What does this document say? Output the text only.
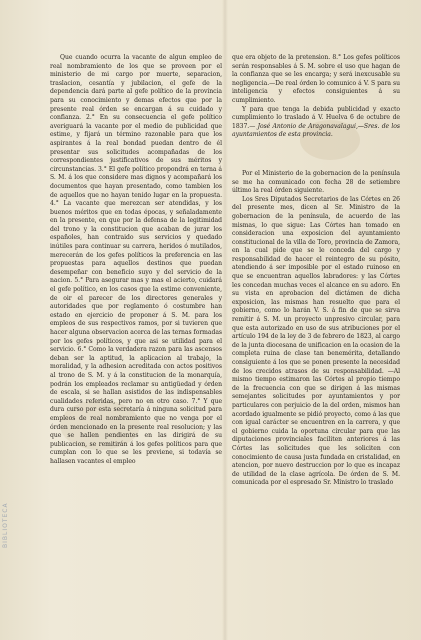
BIBLIOTECA

Que cuando ocurra la vacante de algun empleo de real nombramiento de los que se proveen por el ministerio de mi cargo por muerte, separacion, traslacion, cesantía y jubilacion, el gefe de la dependencia dará parte al gefe político de la provincia para su conocimiento y demas efectos que por la presente real órden se encargan á su cuidado y confianza. 2.° En su consecuencia el gefe político averiguará la vacante por el medio de publicidad que estime, y fijará un término razonable para que los aspirantes á la real bondad puedan dentro de él presentar sus solicitudes acompañadas de los correspondientes justificativos de sus méritos y circunstancias. 3.° El gefe político propondrá en terna á S. M. á los que considere mas dignos y acompañará los documentos que hayan presentado, como tambien los de aquellos que no hayan tenido lugar en la propuesta. 4.° La vacante que merezcan ser atendidas, y los buenos méritos que en todas épocas, y señaladamente en la presente, en que por la defensa de la legitimidad del trono y la constitucion que acaban de jurar los españoles, han contraido sus servicios y quedado inútiles para continuar su carrera, heridos ó mutilados, merecerán de los gefes políticos la preferencia en las propuestas para aquellos destinos que puedan desempeñar con beneficio suyo y del servicio de la nacion. 5.° Para asegurar mas y mas el acierto, cuidará el gefe político, en los casos que la estime conveniente, de oir el parecer de los directores generales y autoridades que por reglamento ó costumbre han estado en ejercicio de proponer á S. M. para los empleos de sus respectivos ramos, por si tuvieren que hacer alguna observacion acerca de las ternas formadas por los gefes políticos, y que asi se utilidad para el servicio. 6.° Como la verdadera razon para las ascensos deban ser la aptitud, la aplicacion al trabajo, la moralidad, y la adhesion acreditada con actos positivos al trono de S. M. y á la constitucion de la monarquía, podrán los empleados reclamar su antigüedad y órden de escala, si se hallan asistidos de las indispensables cualidades referidas, pero no en otro caso. 7.° Y que dura curso por esta secretaría á ninguna solicitud para empleos de real nombramiento que no venga por el órden mencionado en la presente real resolucion; y las que se hallen pendientes en las dirigirá de su publicacion, se remitirán á los gefes políticos para que cumplan con lo que se les previene, si todavía se hallasen vacantes el empleo

que era objeto de la pretension. 8.° Los gefes políticos serán responsables á S. M. sobre el uso que hagan de la confianza que se les encarga; y será inexcusable su negligencia.—De real órden lo comunico á V. S para su inteligencia y efectos consiguientes á su cumplimiento.

Y para que tenga la debida publicidad y exacto cumplimiento lo traslado á V. Huelva 6 de octubre de 1837.— José Antonio de Aragonavalagui,—Sres. de los ayuntamientos de esta provincia.

Por el Ministerio de la gobernacion de la península se me ha comunicado con fecha 28 de setiembre último la real órden siguiente.

Los Sres Diputados Secretarios de las Córtes en 26 del presente mes, dicen al Sr. Ministro de la gobernacion de la península, de acuerdo de las mismas, lo que sigue: Las Córtes han tomado en consideracion una exposicion del ayuntamiento constitucional de la villa de Toro, provincia de Zamora, en la cual pide que se le conceda del cargo y responsabilidad de hacer el reintegro de su pósito, atendiendo á ser imposible por el estado ruinoso en que se encuentran aquellos labradores: y las Córtes les concedan muchas veces el alcance en su adoro. En su vista en aprobacion del dictámen de dicha exposicion, las mismas han resuelto que para el gobierno, como lo harán V. S. á fin de que se sirva remitir á S. M. un proyecto unpresivo circular, para que esta autorizado en uso de sus atribuciones por el artículo 194 de la ley de 3 de febrero de 1823, al cargo de la junta diocesana de unificacion en la ocasion de la completa ruina de clase tan benemérita, detallando consiguiente á los que se ponen presente la necesidad de los crecidos atrasos de su responsabilidad. —Al mismo tiempo estimaron las Córtes al propio tiempo de la frecuencia con que se dirigen á las mismas semejantes solicitudes por ayuntamientos y por particulares con perjuicio de la del orden, mismos han acordado igualmente se pidió proyecto, como á las que con igual carácter se encuentren en la carrera, y que el gobierno cuida la oportuna circular para que las diputaciones provinciales faciliten anteriores á las Córtes las solicitudes que les soliciten con conocimiento de causa justa fundada en cristalidad, en atencion, por nuevo destruccion por lo que es incapaz de utilidad de la clase agrícola. De órden de S. M. comunicada por el espresado Sr. Ministro lo traslado
